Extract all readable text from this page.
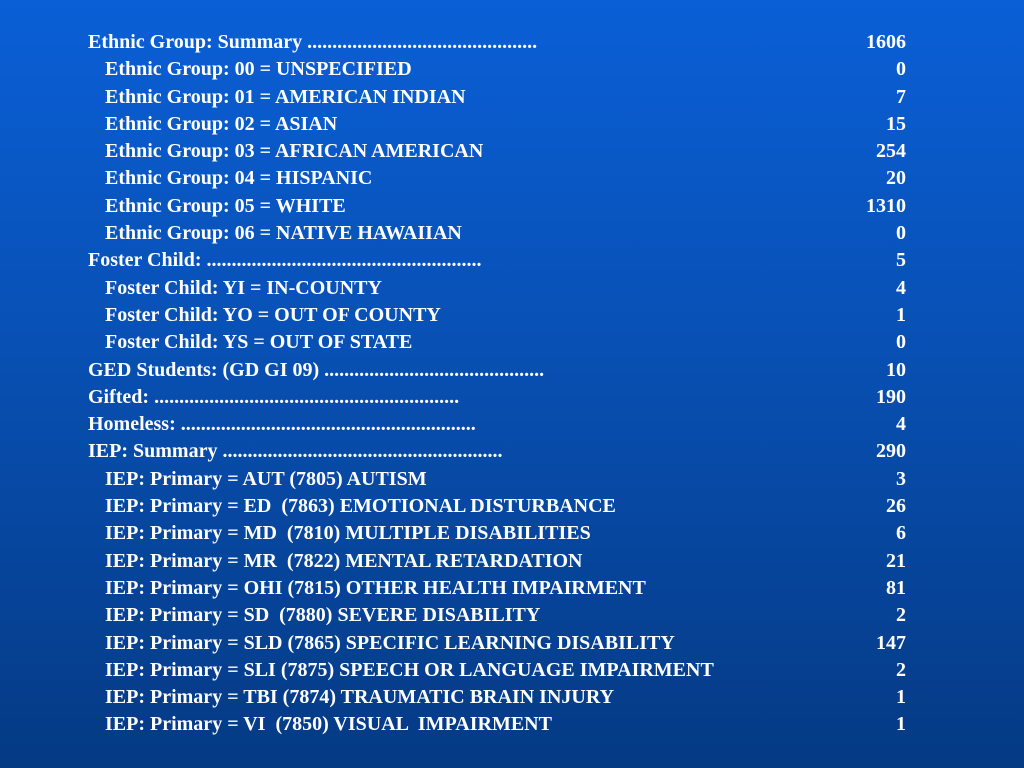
Ethnic Group: Summary ..............................................	1606
Ethnic Group: 00 = UNSPECIFIED	0
Ethnic Group: 01 = AMERICAN INDIAN	7
Ethnic Group: 02 = ASIAN	15
Ethnic Group: 03 = AFRICAN AMERICAN	254
Ethnic Group: 04 = HISPANIC	20
Ethnic Group: 05 = WHITE	1310
Ethnic Group: 06 = NATIVE HAWAIIAN	0
Foster Child: .......................................................	5
Foster Child: YI = IN-COUNTY	4
Foster Child: YO = OUT OF COUNTY	1
Foster Child: YS = OUT OF STATE	0
GED Students: (GD GI 09) ............................................	10
Gifted: .............................................................	190
Homeless: ...........................................................	4
IEP: Summary ........................................................	290
IEP: Primary = AUT (7805) AUTISM	3
IEP: Primary = ED  (7863) EMOTIONAL DISTURBANCE	26
IEP: Primary = MD  (7810) MULTIPLE DISABILITIES	6
IEP: Primary = MR  (7822) MENTAL RETARDATION	21
IEP: Primary = OHI (7815) OTHER HEALTH IMPAIRMENT	81
IEP: Primary = SD  (7880) SEVERE DISABILITY	2
IEP: Primary = SLD (7865) SPECIFIC LEARNING DISABILITY	147
IEP: Primary = SLI (7875) SPEECH OR LANGUAGE IMPAIRMENT	2
IEP: Primary = TBI (7874) TRAUMATIC BRAIN INJURY	1
IEP: Primary = VI  (7850) VISUAL  IMPAIRMENT	1
